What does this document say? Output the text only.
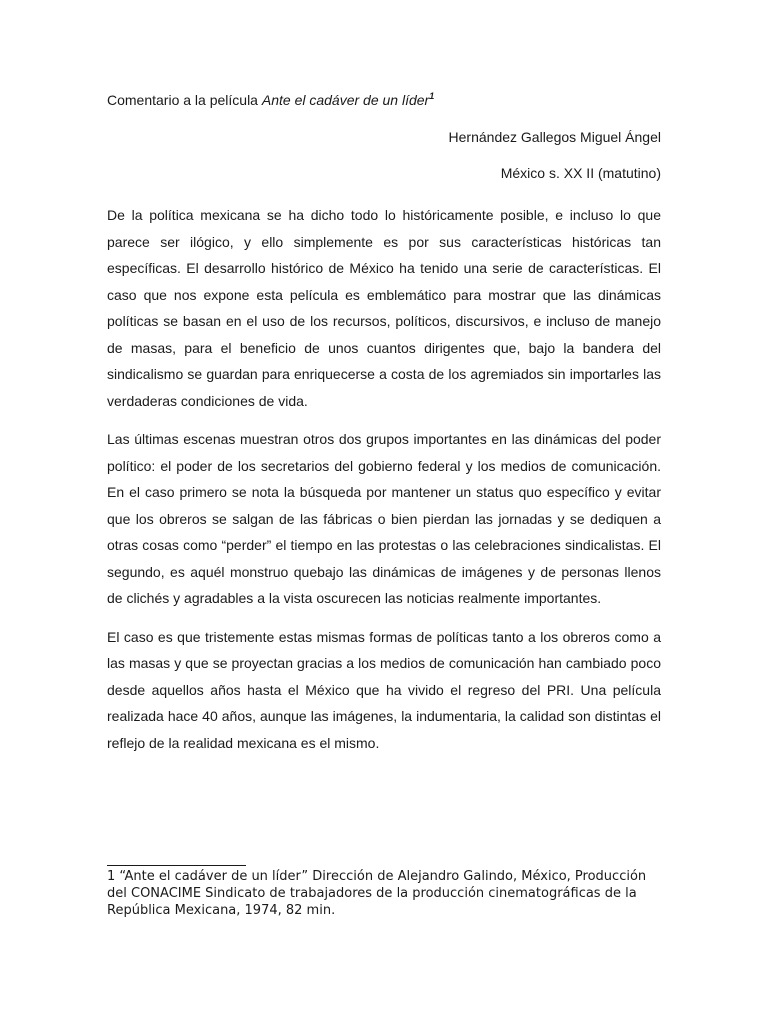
Comentario a la película Ante el cadáver de un líder$^1$
Hernández Gallegos Miguel Ángel
México s. XX II (matutino)

De la política mexicana se ha dicho todo lo históricamente posible, e incluso lo que parece ser ilógico, y ello simplemente es por sus características históricas tan específicas. El desarrollo histórico de México ha tenido una serie de características. El caso que nos expone esta película es emblemático para mostrar que las dinámicas políticas se basan en el uso de los recursos, políticos, discursivos, e incluso de manejo de masas, para el beneficio de unos cuantos dirigentes que, bajo la bandera del sindicalismo se guardan para enriquecerse a costa de los agremiados sin importarles las verdaderas condiciones de vida.

Las últimas escenas muestran otros dos grupos importantes en las dinámicas del poder político: el poder de los secretarios del gobierno federal y los medios de comunicación. En el caso primero se nota la búsqueda por mantener un status quo específico y evitar que los obreros se salgan de las fábricas o bien pierdan las jornadas y se dediquen a otras cosas como “perder” el tiempo en las protestas o las celebraciones sindicalistas. El segundo, es aquél monstruo quebajo las dinámicas de imágenes y de personas llenos de clichés y agradables a la vista oscurecen las noticias realmente importantes.

El caso es que tristemente estas mismas formas de políticas tanto a los obreros como a las masas y que se proyectan gracias a los medios de comunicación han cambiado poco desde aquellos años hasta el México que ha vivido el regreso del PRI. Una película realizada hace 40 años, aunque las imágenes, la indumentaria, la calidad son distintas el reflejo de la realidad mexicana es el mismo.

1 “Ante el cadáver de un líder” Dirección de Alejandro Galindo, México, Producción del CONACIME Sindicato de trabajadores de la producción cinematográficas de la República Mexicana, 1974, 82 min.
